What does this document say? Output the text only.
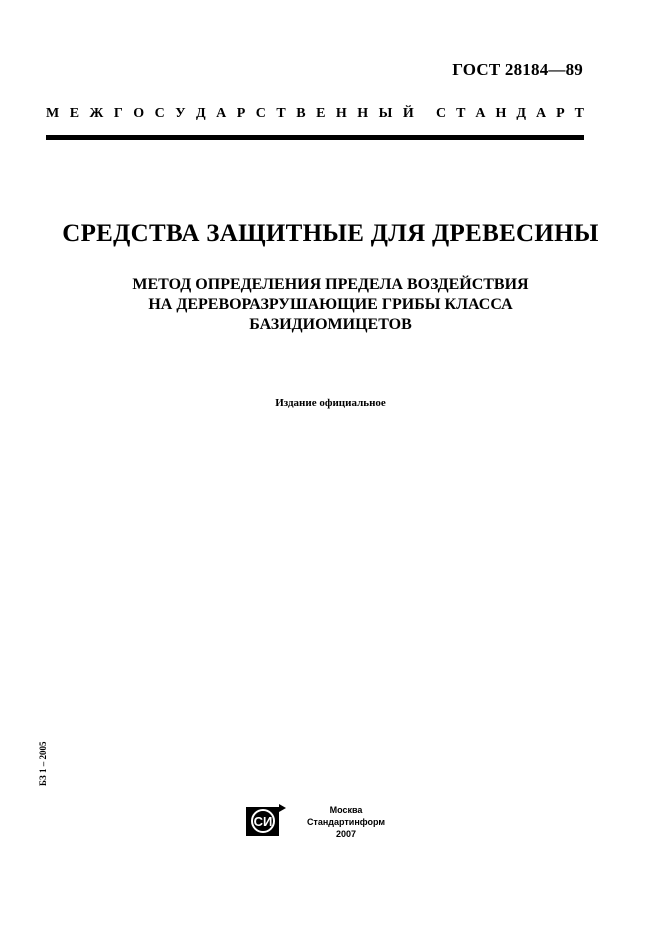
ГОСТ 28184—89
М Е Ж Г О С У Д А Р С Т В Е Н Н Ы Й С Т А Н Д А Р Т
СРЕДСТВА ЗАЩИТНЫЕ ДЛЯ ДРЕВЕСИНЫ
МЕТОД ОПРЕДЕЛЕНИЯ ПРЕДЕЛА ВОЗДЕЙСТВИЯ
НА ДЕРЕВОРАЗРУШАЮЩИЕ ГРИБЫ КЛАССА
БАЗИДИОМИЦЕТОВ
Издание официальное
БЗ 1 – 2005
СИ
Москва
Стандартинформ
2007
